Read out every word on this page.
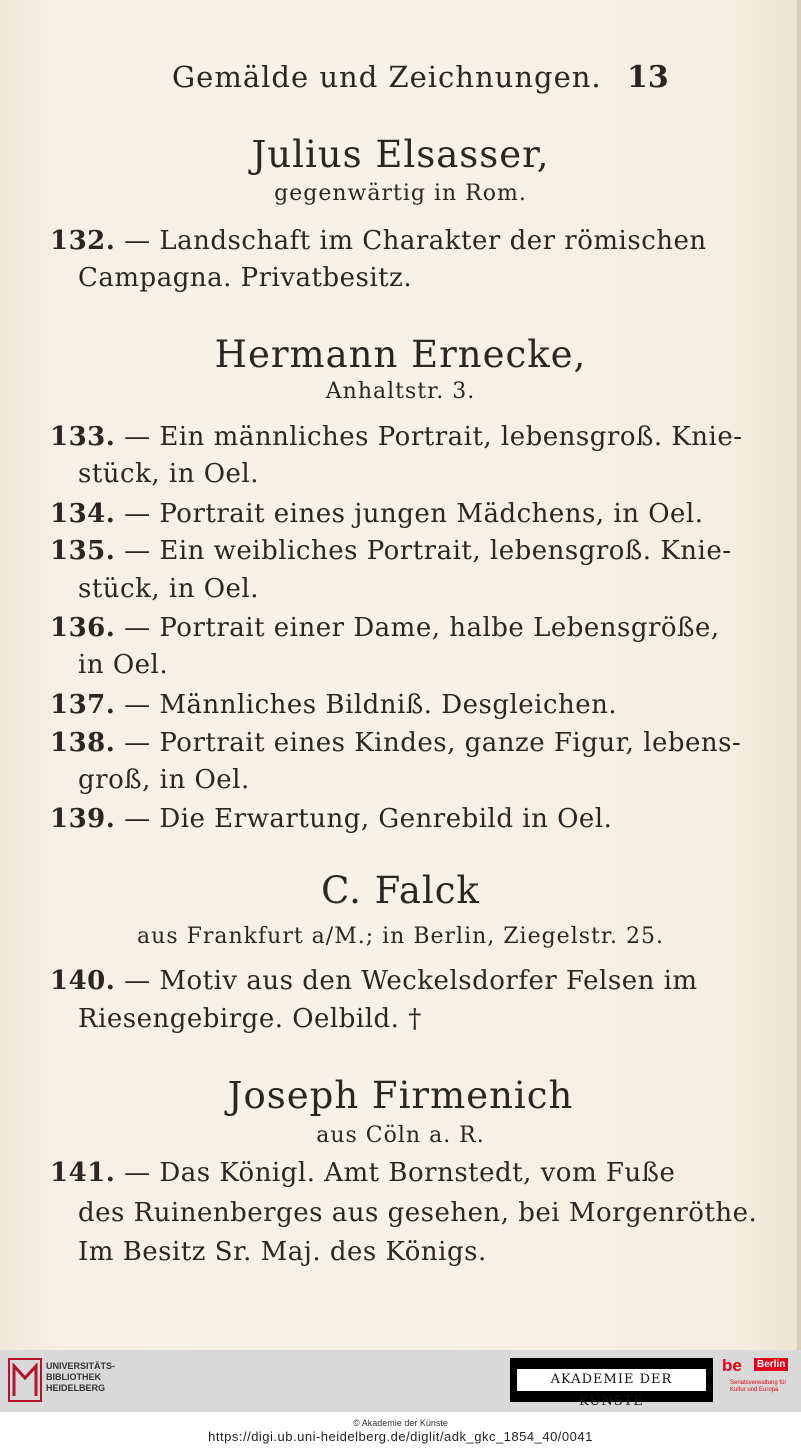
Gemälde und Zeichnungen. 13
Julius Elsasser,
gegenwärtig in Rom.
132. — Landschaft im Charakter der römischen
Campagna. Privatbesitz.
Hermann Ernecke,
Anhaltstr. 3.
133. — Ein männliches Portrait, lebensgroß. Knie-
stück, in Oel.
134. — Portrait eines jungen Mädchens, in Oel.
135. — Ein weibliches Portrait, lebensgroß. Knie-
stück, in Oel.
136. — Portrait einer Dame, halbe Lebensgröße,
in Oel.
137. — Männliches Bildniß. Desgleichen.
138. — Portrait eines Kindes, ganze Figur, lebens-
groß, in Oel.
139. — Die Erwartung, Genrebild in Oel.
C. Falck
aus Frankfurt a/M.; in Berlin, Ziegelstr. 25.
140. — Motiv aus den Weckelsdorfer Felsen im
Riesengebirge. Oelbild. †
Joseph Firmenich
aus Cöln a. R.
141. — Das Königl. Amt Bornstedt, vom Fuße
des Ruinenberges aus gesehen, bei Morgenröthe.
Im Besitz Sr. Maj. des Königs.
UNIVERSITÄTS-
BIBLIOTHEK
HEIDELBERG
AKADEMIE DER KÜNSTE
be	Berlin
Senatsverwaltung für Kultur und Europa
© Akademie der Künste
https://digi.ub.uni-heidelberg.de/diglit/adk_gkc_1854_40/0041
